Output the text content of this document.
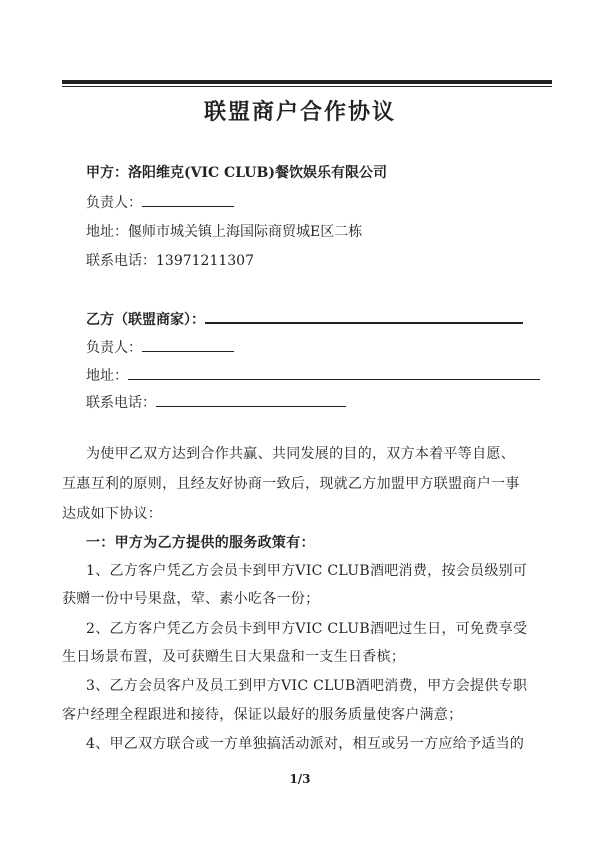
联盟商户合作协议
甲方：洛阳维克(VIC CLUB)餐饮娱乐有限公司
负责人：
地址：偃师市城关镇上海国际商贸城E区二栋
联系电话：13971211307
乙方（联盟商家）：
负责人：
地址：
联系电话：
为使甲乙双方达到合作共赢、共同发展的目的，双方本着平等自愿、
互惠互利的原则，且经友好协商一致后，现就乙方加盟甲方联盟商户一事
达成如下协议：
一：甲方为乙方提供的服务政策有：
1、乙方客户凭乙方会员卡到甲方VIC CLUB酒吧消费，按会员级别可
获赠一份中号果盘，荤、素小吃各一份；
2、乙方客户凭乙方会员卡到甲方VIC CLUB酒吧过生日，可免费享受
生日场景布置，及可获赠生日大果盘和一支生日香槟；
3、乙方会员客户及员工到甲方VIC CLUB酒吧消费，甲方会提供专职
客户经理全程跟进和接待，保证以最好的服务质量使客户满意；
4、甲乙双方联合或一方单独搞活动派对，相互或另一方应给予适当的
1/3
